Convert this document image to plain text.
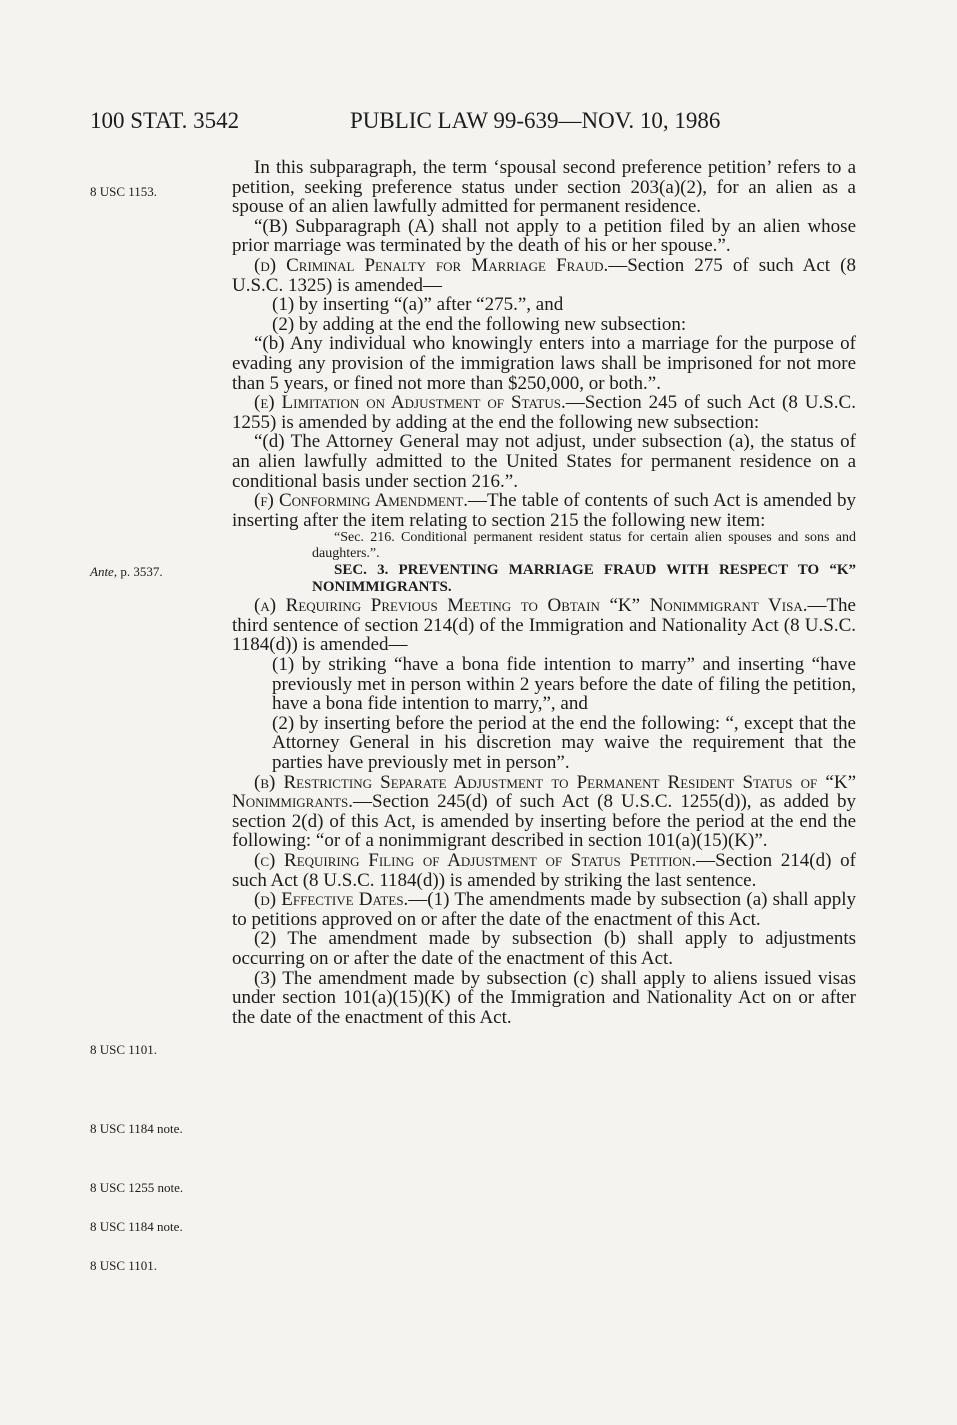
100 STAT. 3542	PUBLIC LAW 99-639—NOV. 10, 1986
8 USC 1153.
Ante, p. 3537.
8 USC 1101.
8 USC 1184 note.
8 USC 1255 note.
8 USC 1184 note.
8 USC 1101.

In this subparagraph, the term ‘spousal second preference petition’ refers to a petition, seeking preference status under section 203(a)(2), for an alien as a spouse of an alien lawfully admitted for permanent residence.

“(B) Subparagraph (A) shall not apply to a petition filed by an alien whose prior marriage was terminated by the death of his or her spouse.”.

(d) Criminal Penalty for Marriage Fraud.—Section 275 of such Act (8 U.S.C. 1325) is amended—

(1) by inserting “(a)” after “275.”, and

(2) by adding at the end the following new subsection:

“(b) Any individual who knowingly enters into a marriage for the purpose of evading any provision of the immigration laws shall be imprisoned for not more than 5 years, or fined not more than $250,000, or both.”.

(e) Limitation on Adjustment of Status.—Section 245 of such Act (8 U.S.C. 1255) is amended by adding at the end the following new subsection:

“(d) The Attorney General may not adjust, under subsection (a), the status of an alien lawfully admitted to the United States for permanent residence on a conditional basis under section 216.”.

(f) Conforming Amendment.—The table of contents of such Act is amended by inserting after the item relating to section 215 the following new item:

“Sec. 216. Conditional permanent resident status for certain alien spouses and sons and daughters.”.

SEC. 3. PREVENTING MARRIAGE FRAUD WITH RESPECT TO “K” NONIMMIGRANTS.

(a) Requiring Previous Meeting to Obtain “K” Nonimmigrant Visa.—The third sentence of section 214(d) of the Immigration and Nationality Act (8 U.S.C. 1184(d)) is amended—

(1) by striking “have a bona fide intention to marry” and inserting “have previously met in person within 2 years before the date of filing the petition, have a bona fide intention to marry,”, and

(2) by inserting before the period at the end the following: “, except that the Attorney General in his discretion may waive the requirement that the parties have previously met in person”.

(b) Restricting Separate Adjustment to Permanent Resident Status of “K” Nonimmigrants.—Section 245(d) of such Act (8 U.S.C. 1255(d)), as added by section 2(d) of this Act, is amended by inserting before the period at the end the following: “or of a nonimmigrant described in section 101(a)(15)(K)”.

(c) Requiring Filing of Adjustment of Status Petition.—Section 214(d) of such Act (8 U.S.C. 1184(d)) is amended by striking the last sentence.

(d) Effective Dates.—(1) The amendments made by subsection (a) shall apply to petitions approved on or after the date of the enactment of this Act.

(2) The amendment made by subsection (b) shall apply to adjustments occurring on or after the date of the enactment of this Act.

(3) The amendment made by subsection (c) shall apply to aliens issued visas under section 101(a)(15)(K) of the Immigration and Nationality Act on or after the date of the enactment of this Act.
